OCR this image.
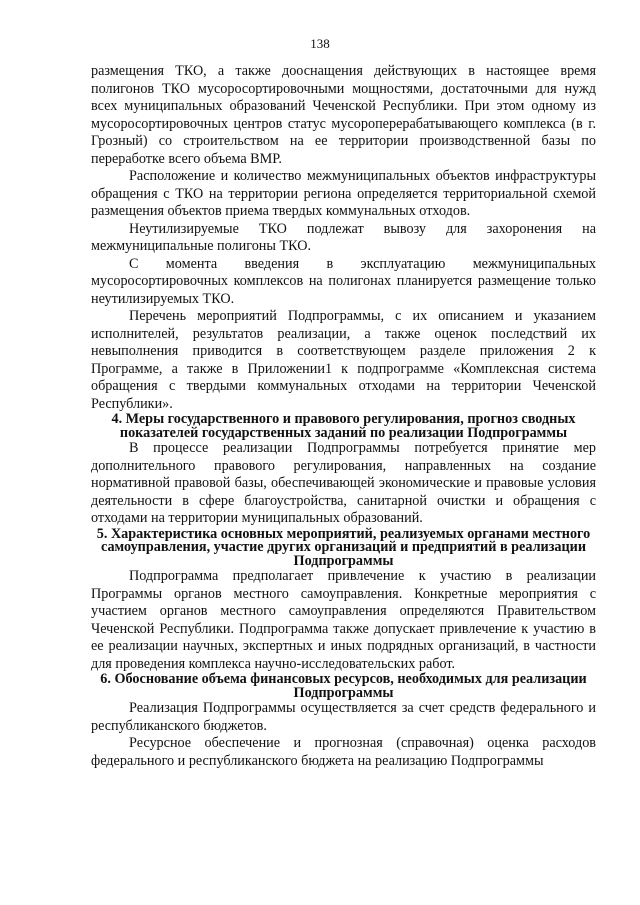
138

размещения ТКО, а также дооснащения действующих в настоящее время полигонов ТКО мусоросортировочными мощностями, достаточными для нужд всех муниципальных образований Чеченской Республики. При этом одному из мусоросортировочных центров статус мусороперерабатывающего комплекса (в г. Грозный) со строительством на ее территории производственной базы по переработке всего объема ВМР.

Расположение и количество межмуниципальных объектов инфраструктуры обращения с ТКО на территории региона определяется территориальной схемой размещения объектов приема твердых коммунальных отходов.

Неутилизируемые ТКО подлежат вывозу для захоронения на межмуниципальные полигоны ТКО.

С момента введения в эксплуатацию межмуниципальных мусоросортировочных комплексов на полигонах планируется размещение только неутилизируемых ТКО.

Перечень мероприятий Подпрограммы, с их описанием и указанием исполнителей, результатов реализации, а также оценок последствий их невыполнения приводится в соответствующем разделе приложения 2 к Программе, а также в Приложении1 к подпрограмме «Комплексная система обращения с твердыми коммунальных отходами на территории Чеченской Республики».

4. Меры государственного и правового регулирования, прогноз сводных показателей государственных заданий по реализации Подпрограммы

В процессе реализации Подпрограммы потребуется принятие мер дополнительного правового регулирования, направленных на создание нормативной правовой базы, обеспечивающей экономические и правовые условия деятельности в сфере благоустройства, санитарной очистки и обращения с отходами на территории муниципальных образований.

5. Характеристика основных мероприятий, реализуемых органами местного самоуправления, участие других организаций и предприятий в реализации Подпрограммы

Подпрограмма предполагает привлечение к участию в реализации Программы органов местного самоуправления. Конкретные мероприятия с участием органов местного самоуправления определяются Правительством Чеченской Республики. Подпрограмма также допускает привлечение к участию в ее реализации научных, экспертных и иных подрядных организаций, в частности для проведения комплекса научно-исследовательских работ.

6. Обоснование объема финансовых ресурсов, необходимых для реализации Подпрограммы

Реализация Подпрограммы осуществляется за счет средств федерального и республиканского бюджетов.

Ресурсное обеспечение и прогнозная (справочная) оценка расходов федерального и республиканского бюджета на реализацию Подпрограммы
